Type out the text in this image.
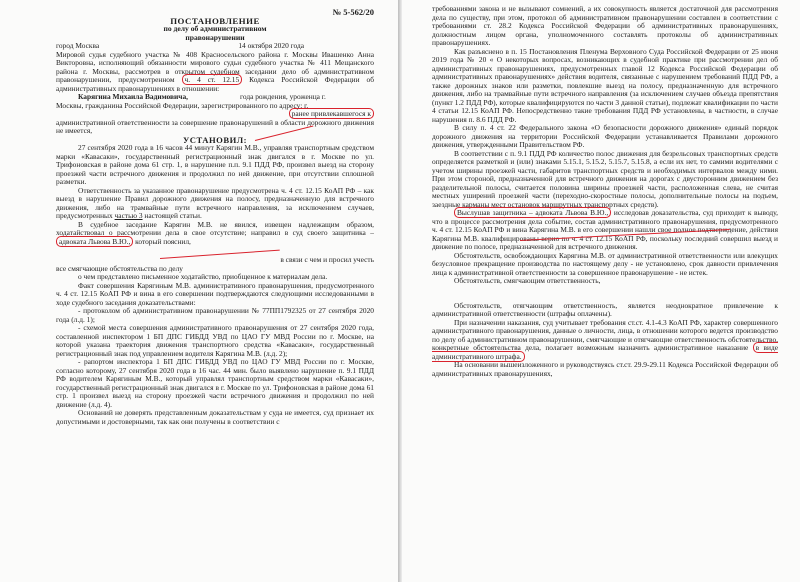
№ 5-562/20

ПОСТАНОВЛЕНИЕ

по делу об административном
правонарушении

город Москва	14 октября 2020 года

Мировой судья судебного участка № 408 Красносельского района г. Москвы Ивашенко Анна Викторовна, исполняющий обязанности мирового судьи судебного участка № 411 Мещанского района г. Москвы, рассмотрев в открытом судебном заседании дело об административном правонарушении, предусмотренном ч. 4 ст. 12.15 Кодекса Российской Федерации об административных правонарушениях в отношении:

Карягина Михаила Вадимовича,	года рождения, уроженца г.

Москвы, гражданина Российской Федерации, зарегистрированного по адресу: г.

ранее привлекавшегося к

административной ответственности за совершение правонарушений в области дорожного движения не имеется,

УСТАНОВИЛ:

27 сентября 2020 года в 16 часов 44 минут Карягин М.В., управляя транспортным средством марки «Кавасаки», государственный регистрационный знак двигался в г. Москве по ул. Трифоновская в районе дома 61 стр. 1, в нарушение п.п. 9.1 ПДД РФ, произвел выезд на сторону проезжей части встречного движения и продолжил по ней движение, при отсутствии сплошной разметки.

Ответственность за указанное правонарушение предусмотрена ч. 4 ст. 12.15 КоАП РФ – как выезд в нарушение Правил дорожного движения на полосу, предназначенную для встречного движения, либо на трамвайные пути встречного направления, за исключением случаев, предусмотренных частью 3 настоящей статьи.

В судебное заседание Карягин М.В. не явился, извещен надлежащим образом, ходатайствовал о рассмотрении дела в свое отсутствие; направил в суд своего защитника – адвоката Львова В.Ю., который пояснил,

в связи с чем и просил учесть

все смягчающие обстоятельства по делу

о чем представлено письменное ходатайство, приобщенное к материалам дела.

Факт совершения Карягиным М.В. административного правонарушения, предусмотренного ч. 4 ст. 12.15 КоАП РФ и вина в его совершении подтверждаются следующими исследованными в ходе судебного заседания доказательствами:

- протоколом об административном правонарушении № 77ПП1792325 от 27 сентября 2020 года (л.д. 1);

- схемой места совершения административного правонарушения от 27 сентября 2020 года, составленной инспектором 1 БП ДПС ГИБДД УВД по ЦАО ГУ МВД России по г. Москве, на которой указана траектория движения транспортного средства «Кавасаки», государственный регистрационный знак под управлением водителя Карягина М.В. (л.д. 2);

- рапортом инспектора 1 БП ДПС ГИБДД УВД по ЦАО ГУ МВД России по г. Москве, согласно которому, 27 сентября 2020 года в 16 час. 44 мин. было выявлено нарушение п. 9.1 ПДД РФ водителем Карягиным М.В., который управлял транспортным средством марки «Кавасаки», государственный регистрационный знак двигался в г. Москве по ул. Трифоновская в районе дома 61 стр. 1 произвел выезд на сторону проезжей части встречного движения и продолжил по ней движение (л.д. 4).

Оснований не доверять представленным доказательствам у суда не имеется, суд признает их допустимыми и достоверными, так как они получены в соответствии с

требованиями закона и не вызывают сомнений, а их совокупность является достаточной для рассмотрения дела по существу, при этом, протокол об административном правонарушении составлен в соответствии с требованиями ст. 28.2 Кодекса Российской Федерации об административных правонарушениях, должностным лицом органа, уполномоченного составлять протоколы об административных правонарушениях.

Как разъяснено в п. 15 Постановления Пленума Верховного Суда Российской Федерации от 25 июня 2019 года № 20 « О некоторых вопросах, возникающих в судебной практике при рассмотрении дел об административных правонарушениях, предусмотренных главой 12 Кодекса Российской Федерации об административных правонарушениях» действия водителя, связанные с нарушением требований ПДД РФ, а также дорожных знаков или разметки, повлекшие выезд на полосу, предназначенную для встречного движения, либо на трамвайные пути встречного направления (за исключением случаев объезда препятствия (пункт 1.2 ПДД РФ), которые квалифицируются по части 3 данной статьи), подлежат квалификации по части 4 статьи 12.15 КоАП РФ. Непосредственно такие требования ПДД РФ установлены, в частности, в случае нарушения п. 8.6 ПДД РФ.

В силу п. 4 ст. 22 Федерального закона «О безопасности дорожного движения» единый порядок дорожного движения на территории Российской Федерации устанавливается Правилами дорожного движения, утвержденными Правительством РФ.

В соответствии с п. 9.1 ПДД РФ количество полос движения для безрельсовых транспортных средств определяется разметкой и (или) знаками 5.15.1, 5.15.2, 5.15.7, 5.15.8, а если их нет, то самими водителями с учетом ширины проезжей части, габаритов транспортных средств и необходимых интервалов между ними. При этом стороной, предназначенной для встречного движения на дорогах с двусторонним движением без разделительной полосы, считается половина ширины проезжей части, расположенная слева, не считая местных уширений проезжей части (переходно-скоростные полосы, дополнительные полосы на подъем, заездные карманы мест остановок маршрутных транспортных средств).

Выслушав защитника – адвоката Львова В.Ю., исследовав доказательства, суд приходит к выводу, что в процессе рассмотрения дела событие, состав административного правонарушения, предусмотренного ч. 4 ст. 12.15 КоАП РФ и вина Карягина М.В. в его совершении нашли свое полное подтверждение, действия Карягина М.В. квалифицированы верно по ч. 4 ст. 12.15 КоАП РФ, поскольку последний совершил выезд и движение по полосе, предназначенной для встречного движения.

Обстоятельств, освобождающих Карягина М.В. от административной ответственности или влекущих безусловное прекращение производства по настоящему делу - не установлено, срок давности привлечения лица к административной ответственности за совершенное правонарушение - не истек.

Обстоятельств, смягчающим ответственность,

Обстоятельств, отягчающим ответственность, является неоднократное привлечение к административной ответственности (штрафы оплачены).

При назначении наказания, суд учитывает требования ст.ст. 4.1-4.3 КоАП РФ, характер совершенного административного правонарушения, данные о личности, лица, в отношении которого ведется производство по делу об административном правонарушении, смягчающие и отягчающие ответственность обстоятельство, конкретные обстоятельства дела, полагает возможным назначить административное наказание в виде административного штрафа.

На основании вышеизложенного и руководствуясь ст.ст. 29.9-29.11 Кодекса Российской Федерации об административных правонарушениях,
